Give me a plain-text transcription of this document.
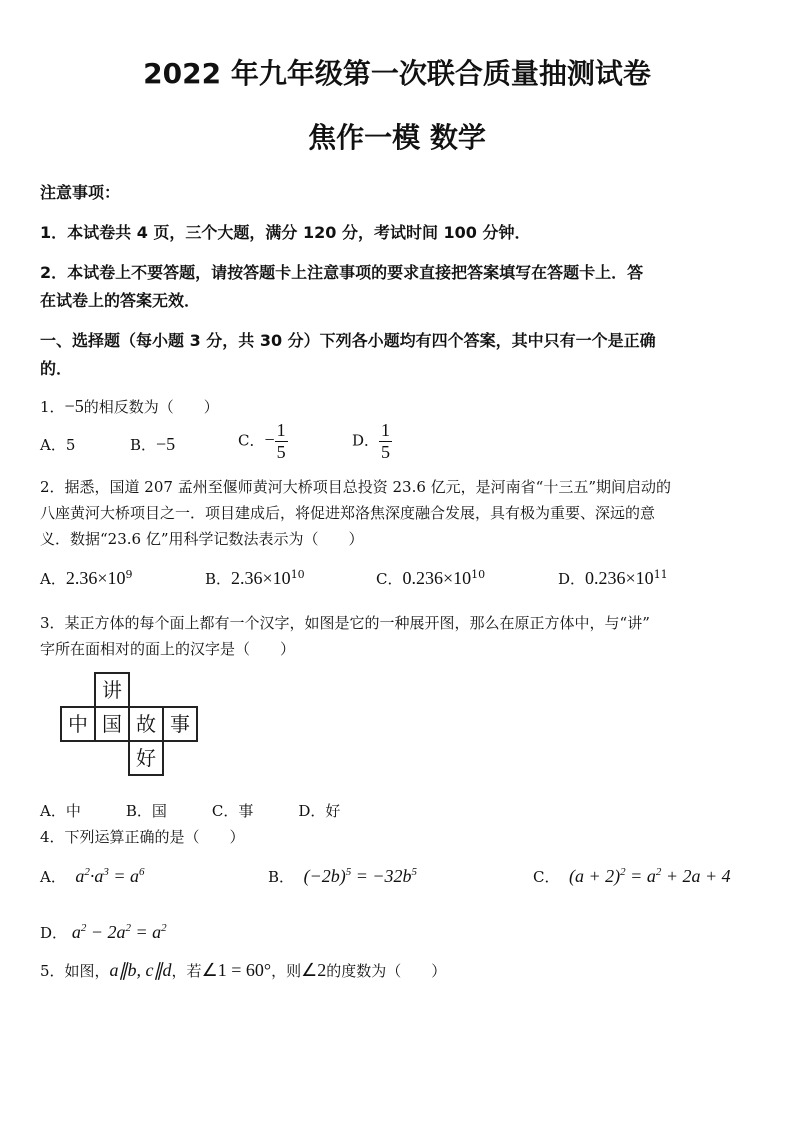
2022 年九年级第一次联合质量抽测试卷
焦作一模 数学
注意事项：
1．本试卷共 4 页，三个大题，满分 120 分，考试时间 100 分钟．
2．本试卷上不要答题，请按答题卡上注意事项的要求直接把答案填写在答题卡上．答
在试卷上的答案无效．
一、选择题（每小题 3 分，共 30 分）下列各小题均有四个答案，其中只有一个是正确
的．
1．−5的相反数为（　　）
A．5	B．−5	C．− $\frac{1}{5}$	D． $\frac{1}{5}$
2．据悉，国道 207 孟州至偃师黄河大桥项目总投资 23.6 亿元，是河南省“十三五”期间启动的
八座黄河大桥项目之一．项目建成后，将促进郑洛焦深度融合发展，具有极为重要、深远的意
义．数据“23.6 亿”用科学记数法表示为（　　）
A．$2.36\times 10^9$	B．$2.36\times 10^{10}$	C．$0.236\times 10^{10}$	D．$0.236\times 10^{11}$
3．某正方体的每个面上都有一个汉字，如图是它的一种展开图，那么在原正方体中，与“讲”
字所在面相对的面上的汉字是（　　）
讲
中 国 故 事
好
A．中　　　B．国　　　C．事　　　D．好
4．下列运算正确的是（　　）
A． $a^2\cdot a^3 = a^6$	B． $(-2b)^5 = -32b^5$	C． $(a + 2)^2 = a^2 + 2a + 4$
D． $a^2 - 2a^2 = a^2$
5．如图，a∥b, c∥d，若∠1 = 60°，则∠2的度数为（　　）
